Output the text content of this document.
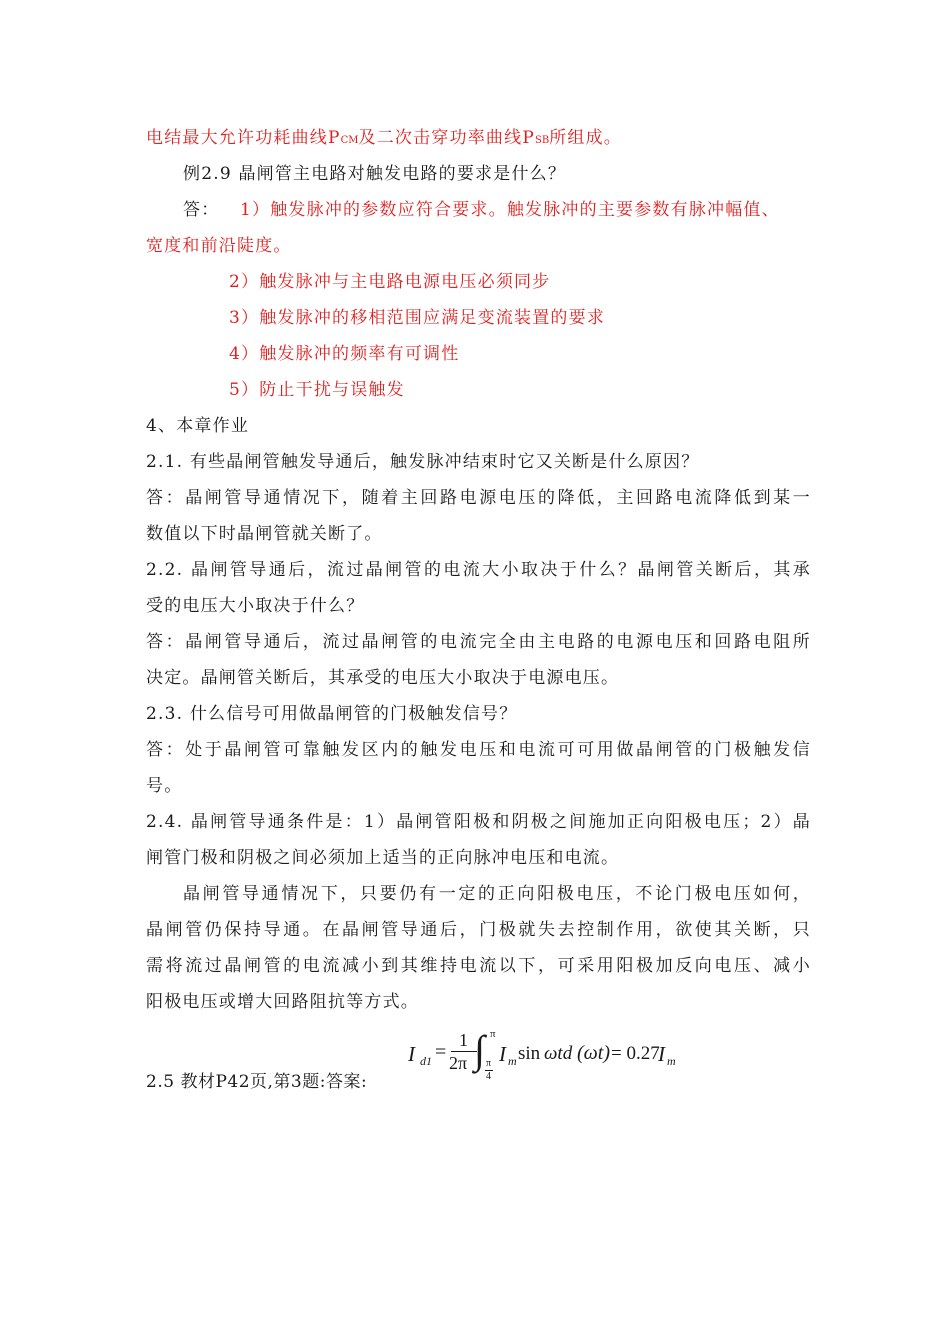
电结最大允许功耗曲线PCM及二次击穿功率曲线PSB所组成。
例2.9 晶闸管主电路对触发电路的要求是什么？
答： 1）触发脉冲的参数应符合要求。触发脉冲的主要参数有脉冲幅值、
宽度和前沿陡度。
2）触发脉冲与主电路电源电压必须同步
3）触发脉冲的移相范围应满足变流装置的要求
4）触发脉冲的频率有可调性
5）防止干扰与误触发
4、本章作业
2.1. 有些晶闸管触发导通后，触发脉冲结束时它又关断是什么原因？
答：晶闸管导通情况下，随着主回路电源电压的降低，主回路电流降低到某一
数值以下时晶闸管就关断了。
2.2. 晶闸管导通后，流过晶闸管的电流大小取决于什么？晶闸管关断后，其承
受的电压大小取决于什么？
答：晶闸管导通后，流过晶闸管的电流完全由主电路的电源电压和回路电阻所
决定。晶闸管关断后，其承受的电压大小取决于电源电压。
2.3. 什么信号可用做晶闸管的门极触发信号？
答：处于晶闸管可靠触发区内的触发电压和电流可可用做晶闸管的门极触发信
号。
2.4. 晶闸管导通条件是：1）晶闸管阳极和阴极之间施加正向阳极电压；2）晶
闸管门极和阴极之间必须加上适当的正向脉冲电压和电流。
晶闸管导通情况下，只要仍有一定的正向阳极电压，不论门极电压如何，
晶闸管仍保持导通。在晶闸管导通后，门极就失去控制作用，欲使其关断，只
需将流过晶闸管的电流减小到其维持电流以下，可采用阳极加反向电压、减小
阳极电压或增大回路阻抗等方式。
2.5 教材P42页,第3题:答案:
I d1 =
1
2π ∫ π
π
4
I m sin ωtd (ωt) = 0.27
I m
